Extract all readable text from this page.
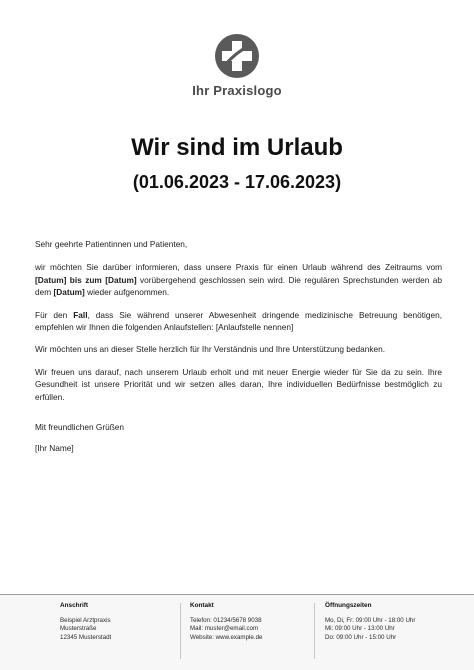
Ihr Praxislogo
Wir sind im Urlaub
(01.06.2023 - 17.06.2023)

Sehr geehrte Patientinnen und Patienten,

wir möchten Sie darüber informieren, dass unsere Praxis für einen Urlaub während des Zeitraums vom [Datum] bis zum [Datum] vorübergehend geschlossen sein wird. Die regulären Sprechstunden werden ab dem [Datum] wieder aufgenommen.

Für den Fall, dass Sie während unserer Abwesenheit dringende medizinische Betreuung benötigen, empfehlen wir Ihnen die folgenden Anlaufstellen: [Anlaufstelle nennen]

Wir möchten uns an dieser Stelle herzlich für Ihr Verständnis und Ihre Unterstützung bedanken.

Wir freuen uns darauf, nach unserem Urlaub erholt und mit neuer Energie wieder für Sie da zu sein. Ihre Gesundheit ist unsere Priorität und wir setzen alles daran, Ihre individuellen Bedürfnisse bestmöglich zu erfüllen.

Mit freundlichen Grüßen

[Ihr Name]

Anschrift
Beispiel Arztpraxis
Musterstraße
12345 Musterstadt
Kontakt
Telefon: 01234/5678 9038
Mail: muster@email.com
Website: www.example.de
Öffnungszeiten
Mo, Di, Fr: 09:00 Uhr - 18:00 Uhr
Mi: 09:00 Uhr - 13:00 Uhr
Do: 09:00 Uhr - 15:00 Uhr
